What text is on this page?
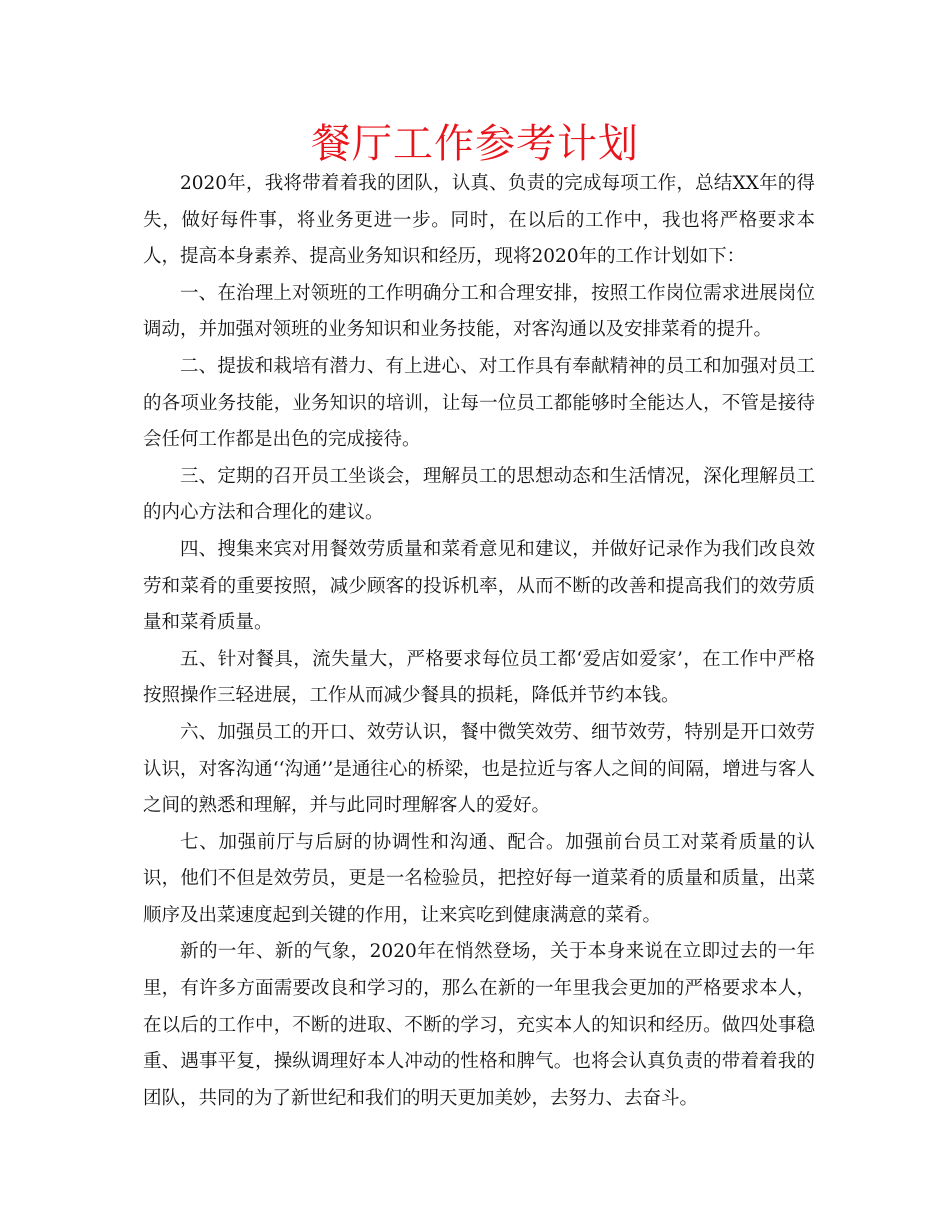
餐厅工作参考计划

2020年，我将带着着我的团队，认真、负责的完成每项工作，总结XX年的得失，做好每件事，将业务更进一步。同时，在以后的工作中，我也将严格要求本人，提高本身素养、提高业务知识和经历，现将2020年的工作计划如下：

一、在治理上对领班的工作明确分工和合理安排，按照工作岗位需求进展岗位调动，并加强对领班的业务知识和业务技能，对客沟通以及安排菜肴的提升。

二、提拔和栽培有潜力、有上进心、对工作具有奉献精神的员工和加强对员工的各项业务技能，业务知识的培训，让每一位员工都能够时全能达人，不管是接待会任何工作都是出色的完成接待。

三、定期的召开员工坐谈会，理解员工的思想动态和生活情况，深化理解员工的内心方法和合理化的建议。

四、搜集来宾对用餐效劳质量和菜肴意见和建议，并做好记录作为我们改良效劳和菜肴的重要按照，减少顾客的投诉机率，从而不断的改善和提高我们的效劳质量和菜肴质量。

五、针对餐具，流失量大，严格要求每位员工都‘爱店如爱家’，在工作中严格按照操作三轻进展，工作从而减少餐具的损耗，降低并节约本钱。

六、加强员工的开口、效劳认识，餐中微笑效劳、细节效劳，特别是开口效劳认识，对客沟通‘‘沟通’’是通往心的桥梁，也是拉近与客人之间的间隔，增进与客人之间的熟悉和理解，并与此同时理解客人的爱好。

七、加强前厅与后厨的协调性和沟通、配合。加强前台员工对菜肴质量的认识，他们不但是效劳员，更是一名检验员，把控好每一道菜肴的质量和质量，出菜顺序及出菜速度起到关键的作用，让来宾吃到健康满意的菜肴。

新的一年、新的气象，2020年在悄然登场，关于本身来说在立即过去的一年里，有许多方面需要改良和学习的，那么在新的一年里我会更加的严格要求本人，在以后的工作中，不断的进取、不断的学习，充实本人的知识和经历。做四处事稳重、遇事平复，操纵调理好本人冲动的性格和脾气。也将会认真负责的带着着我的团队，共同的为了新世纪和我们的明天更加美妙，去努力、去奋斗。
